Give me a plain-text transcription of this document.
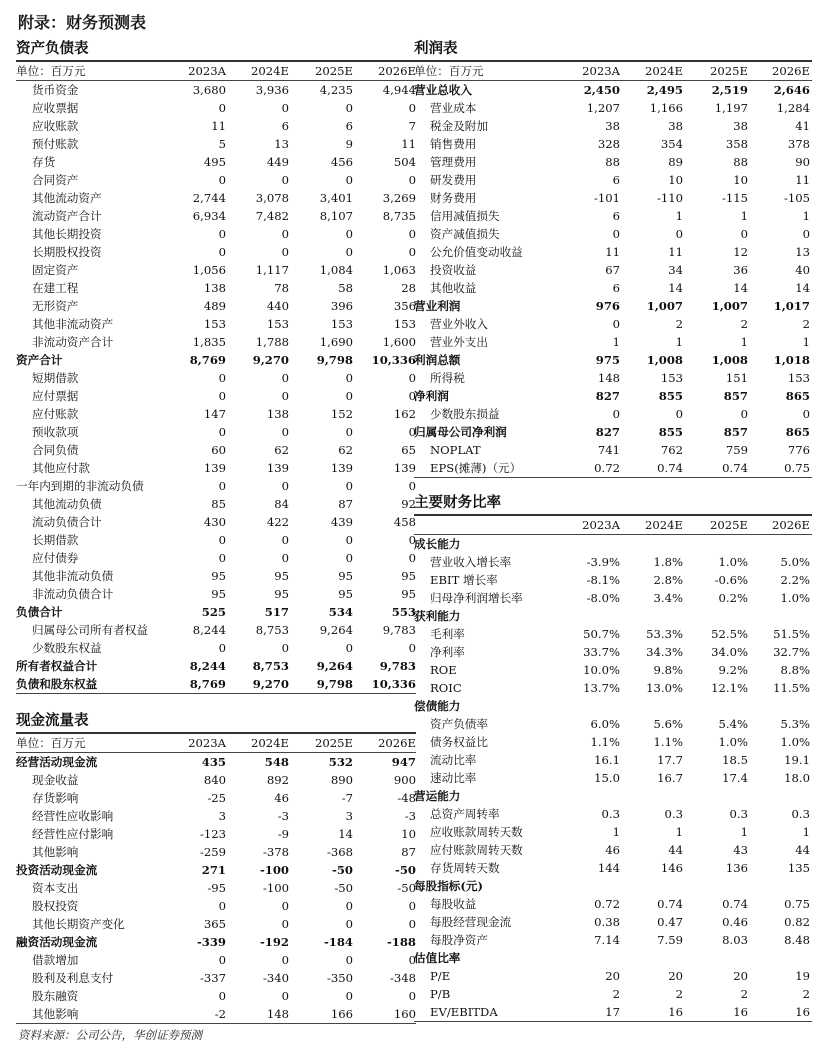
附录：财务预测表
资产负债表
单位：百万元	2023A	2024E	2025E	2026E
货币资金	3,680	3,936	4,235	4,944
应收票据	0	0	0	0
应收账款	11	6	6	7
预付账款	5	13	9	11
存货	495	449	456	504
合同资产	0	0	0	0
其他流动资产	2,744	3,078	3,401	3,269
流动资产合计	6,934	7,482	8,107	8,735
其他长期投资	0	0	0	0
长期股权投资	0	0	0	0
固定资产	1,056	1,117	1,084	1,063
在建工程	138	78	58	28
无形资产	489	440	396	356
其他非流动资产	153	153	153	153
非流动资产合计	1,835	1,788	1,690	1,600
资产合计	8,769	9,270	9,798	10,336
短期借款	0	0	0	0
应付票据	0	0	0	0
应付账款	147	138	152	162
预收款项	0	0	0	0
合同负债	60	62	62	65
其他应付款	139	139	139	139
一年内到期的非流动负债	0	0	0	0
其他流动负债	85	84	87	92
流动负债合计	430	422	439	458
长期借款	0	0	0	0
应付债券	0	0	0	0
其他非流动负债	95	95	95	95
非流动负债合计	95	95	95	95
负债合计	525	517	534	553
归属母公司所有者权益	8,244	8,753	9,264	9,783
少数股东权益	0	0	0	0
所有者权益合计	8,244	8,753	9,264	9,783
负债和股东权益	8,769	9,270	9,798	10,336
现金流量表
单位：百万元	2023A	2024E	2025E	2026E
经营活动现金流	435	548	532	947
现金收益	840	892	890	900
存货影响	-25	46	-7	-48
经营性应收影响	3	-3	3	-3
经营性应付影响	-123	-9	14	10
其他影响	-259	-378	-368	87
投资活动现金流	271	-100	-50	-50
资本支出	-95	-100	-50	-50
股权投资	0	0	0	0
其他长期资产变化	365	0	0	0
融资活动现金流	-339	-192	-184	-188
借款增加	0	0	0	0
股利及利息支付	-337	-340	-350	-348
股东融资	0	0	0	0
其他影响	-2	148	166	160
利润表
单位：百万元	2023A	2024E	2025E	2026E
营业总收入	2,450	2,495	2,519	2,646
营业成本	1,207	1,166	1,197	1,284
税金及附加	38	38	38	41
销售费用	328	354	358	378
管理费用	88	89	88	90
研发费用	6	10	10	11
财务费用	-101	-110	-115	-105
信用减值损失	6	1	1	1
资产减值损失	0	0	0	0
公允价值变动收益	11	11	12	13
投资收益	67	34	36	40
其他收益	6	14	14	14
营业利润	976	1,007	1,007	1,017
营业外收入	0	2	2	2
营业外支出	1	1	1	1
利润总额	975	1,008	1,008	1,018
所得税	148	153	151	153
净利润	827	855	857	865
少数股东损益	0	0	0	0
归属母公司净利润	827	855	857	865
NOPLAT	741	762	759	776
EPS(摊薄)（元）	0.72	0.74	0.74	0.75
主要财务比率
2023A	2024E	2025E	2026E
成长能力
营业收入增长率	-3.9%	1.8%	1.0%	5.0%
EBIT 增长率	-8.1%	2.8%	-0.6%	2.2%
归母净利润增长率	-8.0%	3.4%	0.2%	1.0%
获利能力
毛利率	50.7%	53.3%	52.5%	51.5%
净利率	33.7%	34.3%	34.0%	32.7%
ROE	10.0%	9.8%	9.2%	8.8%
ROIC	13.7%	13.0%	12.1%	11.5%
偿债能力
资产负债率	6.0%	5.6%	5.4%	5.3%
债务权益比	1.1%	1.1%	1.0%	1.0%
流动比率	16.1	17.7	18.5	19.1
速动比率	15.0	16.7	17.4	18.0
营运能力
总资产周转率	0.3	0.3	0.3	0.3
应收账款周转天数	1	1	1	1
应付账款周转天数	46	44	43	44
存货周转天数	144	146	136	135
每股指标(元)
每股收益	0.72	0.74	0.74	0.75
每股经营现金流	0.38	0.47	0.46	0.82
每股净资产	7.14	7.59	8.03	8.48
估值比率
P/E	20	20	20	19
P/B	2	2	2	2
EV/EBITDA	17	16	16	16
资料来源：公司公告，华创证券预测
